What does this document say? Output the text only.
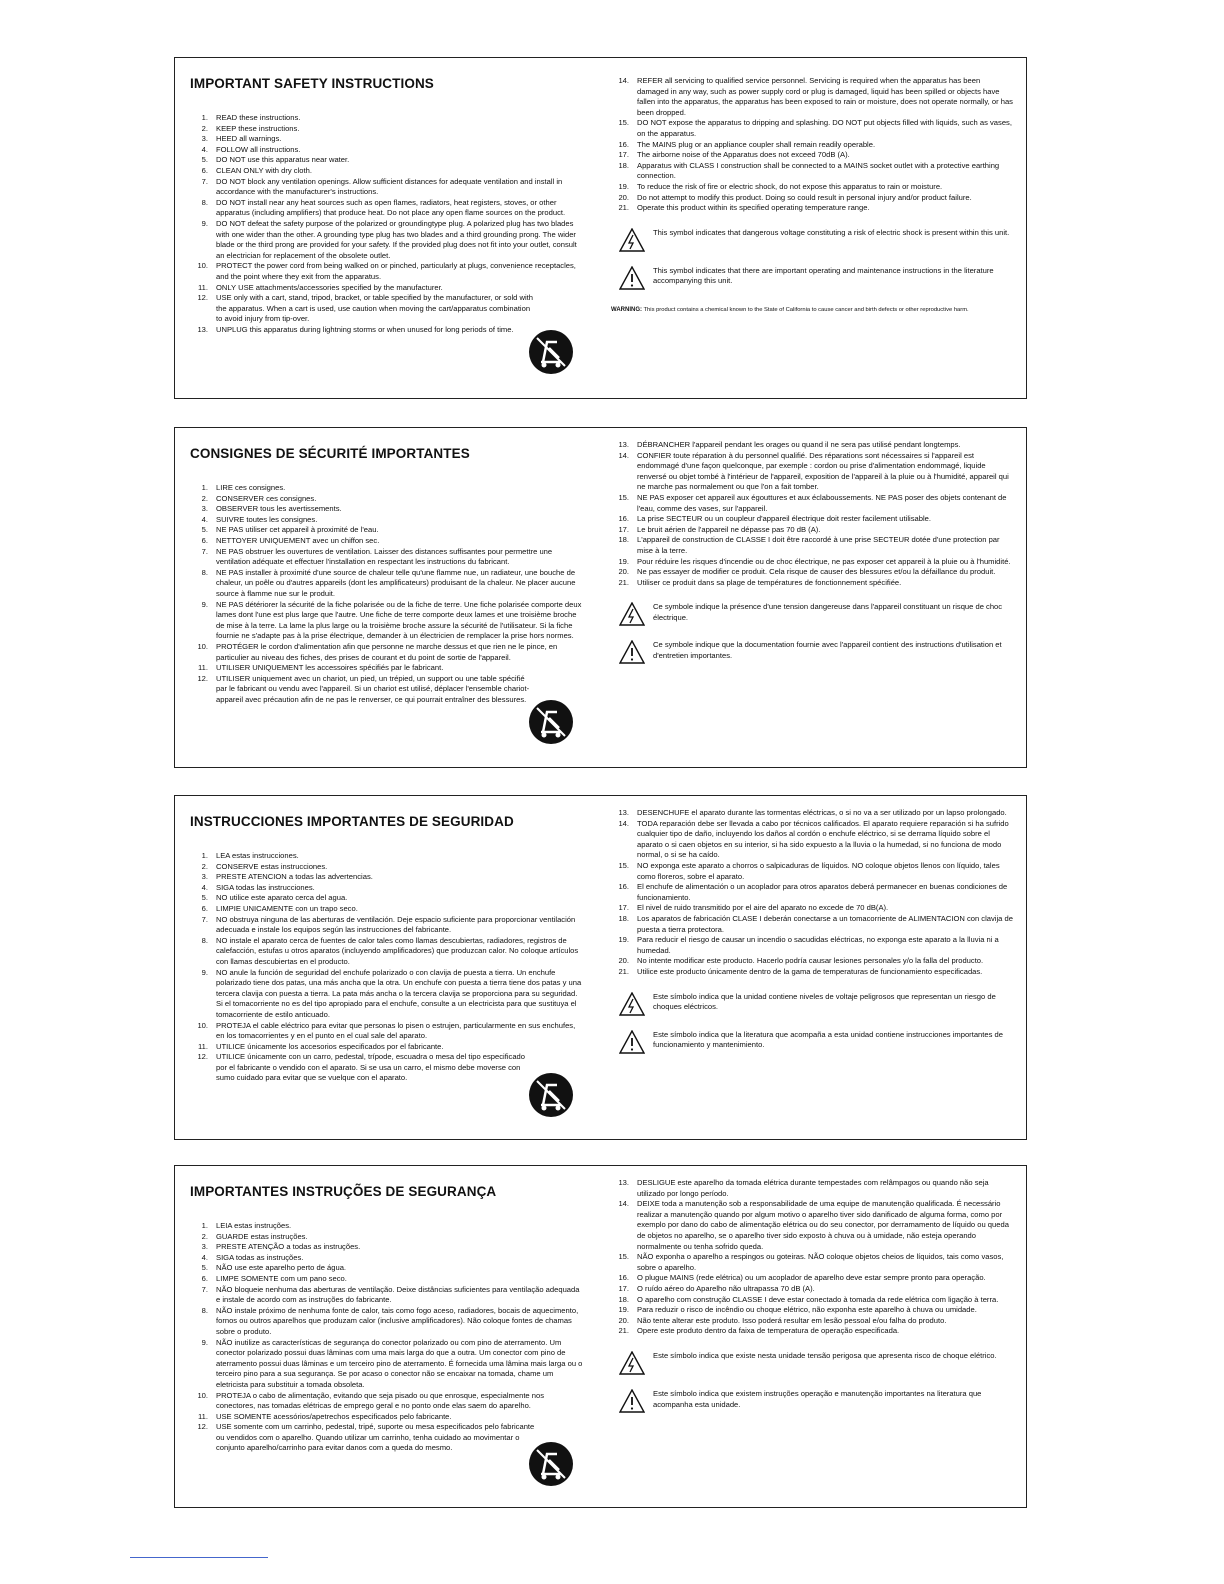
IMPORTANT SAFETY INSTRUCTIONS
1. READ these instructions.
2. KEEP these instructions.
3. HEED all warnings.
4. FOLLOW all instructions.
5. DO NOT use this apparatus near water.
6. CLEAN ONLY with dry cloth.
7. DO NOT block any ventilation openings. Allow sufficient distances for adequate ventilation and install in accordance with the manufacturer's instructions.
8. DO NOT install near any heat sources such as open flames, radiators, heat registers, stoves, or other apparatus (including amplifiers) that produce heat. Do not place any open flame sources on the product.
9. DO NOT defeat the safety purpose of the polarized or groundingtype plug. A polarized plug has two blades with one wider than the other. A grounding type plug has two blades and a third grounding prong. The wider blade or the third prong are provided for your safety. If the provided plug does not fit into your outlet, consult an electrician for replacement of the obsolete outlet.
10. PROTECT the power cord from being walked on or pinched, particularly at plugs, convenience receptacles, and the point where they exit from the apparatus.
11. ONLY USE attachments/accessories specified by the manufacturer.
12. USE only with a cart, stand, tripod, bracket, or table specified by the manufacturer, or sold with the apparatus. When a cart is used, use caution when moving the cart/apparatus combination to avoid injury from tip-over.
13. UNPLUG this apparatus during lightning storms or when unused for long periods of time.
14. REFER all servicing to qualified service personnel. Servicing is required when the apparatus has been damaged in any way, such as power supply cord or plug is damaged, liquid has been spilled or objects have fallen into the apparatus, the apparatus has been exposed to rain or moisture, does not operate normally, or has been dropped.
15. DO NOT expose the apparatus to dripping and splashing. DO NOT put objects filled with liquids, such as vases, on the apparatus.
16. The MAINS plug or an appliance coupler shall remain readily operable.
17. The airborne noise of the Apparatus does not exceed 70dB (A).
18. Apparatus with CLASS I construction shall be connected to a MAINS socket outlet with a protective earthing connection.
19. To reduce the risk of fire or electric shock, do not expose this apparatus to rain or moisture.
20. Do not attempt to modify this product. Doing so could result in personal injury and/or product failure.
21. Operate this product within its specified operating temperature range.
This symbol indicates that dangerous voltage constituting a risk of electric shock is present within this unit.
This symbol indicates that there are important operating and maintenance instructions in the literature accompanying this unit.
WARNING: This product contains a chemical known to the State of California to cause cancer and birth defects or other reproductive harm.
CONSIGNES DE SÉCURITÉ IMPORTANTES
1. LIRE ces consignes.
2. CONSERVER ces consignes.
3. OBSERVER tous les avertissements.
4. SUIVRE toutes les consignes.
5. NE PAS utiliser cet appareil à proximité de l'eau.
6. NETTOYER UNIQUEMENT avec un chiffon sec.
7. NE PAS obstruer les ouvertures de ventilation. Laisser des distances suffisantes pour permettre une ventilation adéquate et effectuer l'installation en respectant les instructions du fabricant.
8. NE PAS installer à proximité d'une source de chaleur telle qu'une flamme nue, un radiateur, une bouche de chaleur, un poêle ou d'autres appareils (dont les amplificateurs) produisant de la chaleur. Ne placer aucune source à flamme nue sur le produit.
9. NE PAS détériorer la sécurité de la fiche polarisée ou de la fiche de terre. Une fiche polarisée comporte deux lames dont l'une est plus large que l'autre. Une fiche de terre comporte deux lames et une troisième broche de mise à la terre. La lame la plus large ou la troisième broche assure la sécurité de l'utilisateur. Si la fiche fournie ne s'adapte pas à la prise électrique, demander à un électricien de remplacer la prise hors normes.
10. PROTÉGER le cordon d'alimentation afin que personne ne marche dessus et que rien ne le pince, en particulier au niveau des fiches, des prises de courant et du point de sortie de l'appareil.
11. UTILISER UNIQUEMENT les accessoires spécifiés par le fabricant.
12. UTILISER uniquement avec un chariot, un pied, un trépied, un support ou une table spécifié par le fabricant ou vendu avec l'appareil. Si un chariot est utilisé, déplacer l'ensemble chariot-appareil avec précaution afin de ne pas le renverser, ce qui pourrait entraîner des blessures.
13. DÉBRANCHER l'appareil pendant les orages ou quand il ne sera pas utilisé pendant longtemps.
14. CONFIER toute réparation à du personnel qualifié. Des réparations sont nécessaires si l'appareil est endommagé d'une façon quelconque, par exemple : cordon ou prise d'alimentation endommagé, liquide renversé ou objet tombé à l'intérieur de l'appareil, exposition de l'appareil à la pluie ou à l'humidité, appareil qui ne marche pas normalement ou que l'on a fait tomber.
15. NE PAS exposer cet appareil aux égouttures et aux éclaboussements. NE PAS poser des objets contenant de l'eau, comme des vases, sur l'appareil.
16. La prise SECTEUR ou un coupleur d'appareil électrique doit rester facilement utilisable.
17. Le bruit aérien de l'appareil ne dépasse pas 70 dB (A).
18. L'appareil de construction de CLASSE I doit être raccordé à une prise SECTEUR dotée d'une protection par mise à la terre.
19. Pour réduire les risques d'incendie ou de choc électrique, ne pas exposer cet appareil à la pluie ou à l'humidité.
20. Ne pas essayer de modifier ce produit. Cela risque de causer des blessures et/ou la défaillance du produit.
21. Utiliser ce produit dans sa plage de températures de fonctionnement spécifiée.
Ce symbole indique la présence d'une tension dangereuse dans l'appareil constituant un risque de choc électrique.
Ce symbole indique que la documentation fournie avec l'appareil contient des instructions d'utilisation et d'entretien importantes.
INSTRUCCIONES IMPORTANTES DE SEGURIDAD
1. LEA estas instrucciones.
2. CONSERVE estas instrucciones.
3. PRESTE ATENCION a todas las advertencias.
4. SIGA todas las instrucciones.
5. NO utilice este aparato cerca del agua.
6. LIMPIE UNICAMENTE con un trapo seco.
7. NO obstruya ninguna de las aberturas de ventilación. Deje espacio suficiente para proporcionar ventilación adecuada e instale los equipos según las instrucciones del fabricante.
8. NO instale el aparato cerca de fuentes de calor tales como llamas descubiertas, radiadores, registros de calefacción, estufas u otros aparatos (incluyendo amplificadores) que produzcan calor. No coloque artículos con llamas descubiertas en el producto.
9. NO anule la función de seguridad del enchufe polarizado o con clavija de puesta a tierra. Un enchufe polarizado tiene dos patas, una más ancha que la otra. Un enchufe con puesta a tierra tiene dos patas y una tercera clavija con puesta a tierra. La pata más ancha o la tercera clavija se proporciona para su seguridad. Si el tomacorriente no es del tipo apropiado para el enchufe, consulte a un electricista para que sustituya el tomacorriente de estilo anticuado.
10. PROTEJA el cable eléctrico para evitar que personas lo pisen o estrujen, particularmente en sus enchufes, en los tomacorrientes y en el punto en el cual sale del aparato.
11. UTILICE únicamente los accesorios especificados por el fabricante.
12. UTILICE únicamente con un carro, pedestal, trípode, escuadra o mesa del tipo especificado por el fabricante o vendido con el aparato. Si se usa un carro, el mismo debe moverse con sumo cuidado para evitar que se vuelque con el aparato.
13. DESENCHUFE el aparato durante las tormentas eléctricas, o si no va a ser utilizado por un lapso prolongado.
14. TODA reparación debe ser llevada a cabo por técnicos calificados. El aparato requiere reparación si ha sufrido cualquier tipo de daño, incluyendo los daños al cordón o enchufe eléctrico, si se derrama líquido sobre el aparato o si caen objetos en su interior, si ha sido expuesto a la lluvia o la humedad, si no funciona de modo normal, o si se ha caído.
15. NO exponga este aparato a chorros o salpicaduras de líquidos. NO coloque objetos llenos con líquido, tales como floreros, sobre el aparato.
16. El enchufe de alimentación o un acoplador para otros aparatos deberá permanecer en buenas condiciones de funcionamiento.
17. El nivel de ruido transmitido por el aire del aparato no excede de 70 dB(A).
18. Los aparatos de fabricación CLASE I deberán conectarse a un tomacorriente de ALIMENTACION con clavija de puesta a tierra protectora.
19. Para reducir el riesgo de causar un incendio o sacudidas eléctricas, no exponga este aparato a la lluvia ni a humedad.
20. No intente modificar este producto. Hacerlo podría causar lesiones personales y/o la falla del producto.
21. Utilice este producto únicamente dentro de la gama de temperaturas de funcionamiento especificadas.
Este símbolo indica que la unidad contiene niveles de voltaje peligrosos que representan un riesgo de choques eléctricos.
Este símbolo indica que la literatura que acompaña a esta unidad contiene instrucciones importantes de funcionamiento y mantenimiento.
IMPORTANTES INSTRUÇÕES DE SEGURANÇA
1. LEIA estas instruções.
2. GUARDE estas instruções.
3. PRESTE ATENÇÃO a todas as instruções.
4. SIGA todas as instruções.
5. NÃO use este aparelho perto de água.
6. LIMPE SOMENTE com um pano seco.
7. NÃO bloqueie nenhuma das aberturas de ventilação. Deixe distâncias suficientes para ventilação adequada e instale de acordo com as instruções do fabricante.
8. NÃO instale próximo de nenhuma fonte de calor, tais como fogo aceso, radiadores, bocais de aquecimento, fornos ou outros aparelhos que produzam calor (inclusive amplificadores). Não coloque fontes de chamas sobre o produto.
9. NÃO inutilize as características de segurança do conector polarizado ou com pino de aterramento. Um conector polarizado possui duas lâminas com uma mais larga do que a outra. Um conector com pino de aterramento possui duas lâminas e um terceiro pino de aterramento. É fornecida uma lâmina mais larga ou o terceiro pino para a sua segurança. Se por acaso o conector não se encaixar na tomada, chame um eletricista para substituir a tomada obsoleta.
10. PROTEJA o cabo de alimentação, evitando que seja pisado ou que enrosque, especialmente nos conectores, nas tomadas elétricas de emprego geral e no ponto onde elas saem do aparelho.
11. USE SOMENTE acessórios/apetrechos especificados pelo fabricante.
12. USE somente com um carrinho, pedestal, tripé, suporte ou mesa especificados pelo fabricante ou vendidos com o aparelho. Quando utilizar um carrinho, tenha cuidado ao movimentar o conjunto aparelho/carrinho para evitar danos com a queda do mesmo.
13. DESLIGUE este aparelho da tomada elétrica durante tempestades com relâmpagos ou quando não seja utilizado por longo período.
14. DEIXE toda a manutenção sob a responsabilidade de uma equipe de manutenção qualificada. É necessário realizar a manutenção quando por algum motivo o aparelho tiver sido danificado de alguma forma, como por exemplo por dano do cabo de alimentação elétrica ou do seu conector, por derramamento de líquido ou queda de objetos no aparelho, se o aparelho tiver sido exposto à chuva ou à umidade, não esteja operando normalmente ou tenha sofrido queda.
15. NÃO exponha o aparelho a respingos ou goteiras. NÃO coloque objetos cheios de líquidos, tais como vasos, sobre o aparelho.
16. O plugue MAINS (rede elétrica) ou um acoplador de aparelho deve estar sempre pronto para operação.
17. O ruído aéreo do Aparelho não ultrapassa 70 dB (A).
18. O aparelho com construção CLASSE I deve estar conectado à tomada da rede elétrica com ligação à terra.
19. Para reduzir o risco de incêndio ou choque elétrico, não exponha este aparelho à chuva ou umidade.
20. Não tente alterar este produto. Isso poderá resultar em lesão pessoal e/ou falha do produto.
21. Opere este produto dentro da faixa de temperatura de operação especificada.
Este símbolo indica que existe nesta unidade tensão perigosa que apresenta risco de choque elétrico.
Este símbolo indica que existem instruções operação e manutenção importantes na literatura que acompanha esta unidade.
